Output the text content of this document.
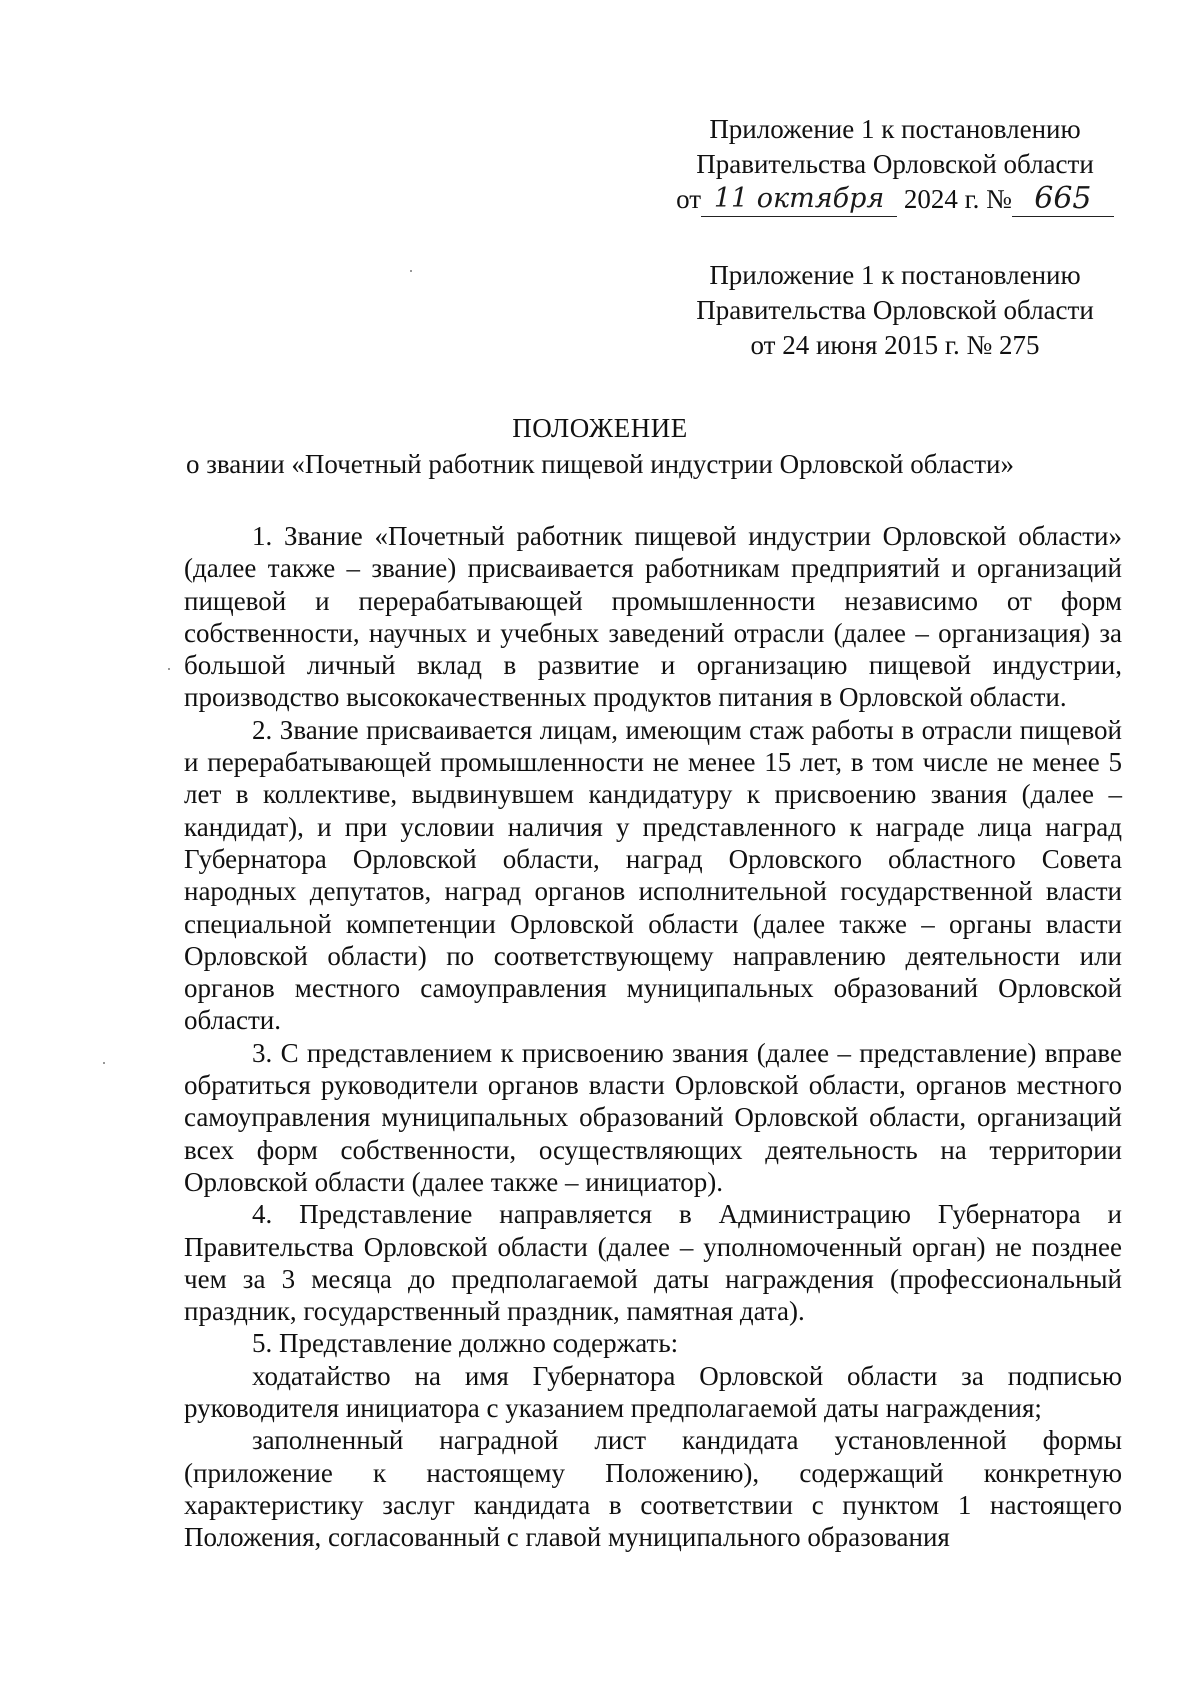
Приложение 1 к постановлению
Правительства Орловской области
от 11 октября 2024 г. № 665
Приложение 1 к постановлению
Правительства Орловской области
от 24 июня 2015 г. № 275
ПОЛОЖЕНИЕ
о звании «Почетный работник пищевой индустрии Орловской области»

1. Звание «Почетный работник пищевой индустрии Орловской области» (далее также – звание) присваивается работникам предприятий и организаций пищевой и перерабатывающей промышленности независимо от форм собственности, научных и учебных заведений отрасли (далее – организация) за большой личный вклад в развитие и организацию пищевой индустрии, производство высококачественных продуктов питания в Орловской области.

2. Звание присваивается лицам, имеющим стаж работы в отрасли пищевой и перерабатывающей промышленности не менее 15 лет, в том числе не менее 5 лет в коллективе, выдвинувшем кандидатуру к присвоению звания (далее – кандидат), и при условии наличия у представленного к награде лица наград Губернатора Орловской области, наград Орловского областного Совета народных депутатов, наград органов исполнительной государственной власти специальной компетенции Орловской области (далее также – органы власти Орловской области) по соответствующему направлению деятельности или органов местного самоуправления муниципальных образований Орловской области.

3. С представлением к присвоению звания (далее – представление) вправе обратиться руководители органов власти Орловской области, органов местного самоуправления муниципальных образований Орловской области, организаций всех форм собственности, осуществляющих деятельность на территории Орловской области (далее также – инициатор).

4. Представление направляется в Администрацию Губернатора и Правительства Орловской области (далее – уполномоченный орган) не позднее чем за 3 месяца до предполагаемой даты награждения (профессиональный праздник, государственный праздник, памятная дата).

5. Представление должно содержать:

ходатайство на имя Губернатора Орловской области за подписью руководителя инициатора с указанием предполагаемой даты награждения;

заполненный наградной лист кандидата установленной формы (приложение к настоящему Положению), содержащий конкретную характеристику заслуг кандидата в соответствии с пунктом 1 настоящего Положения, согласованный с главой муниципального образования
